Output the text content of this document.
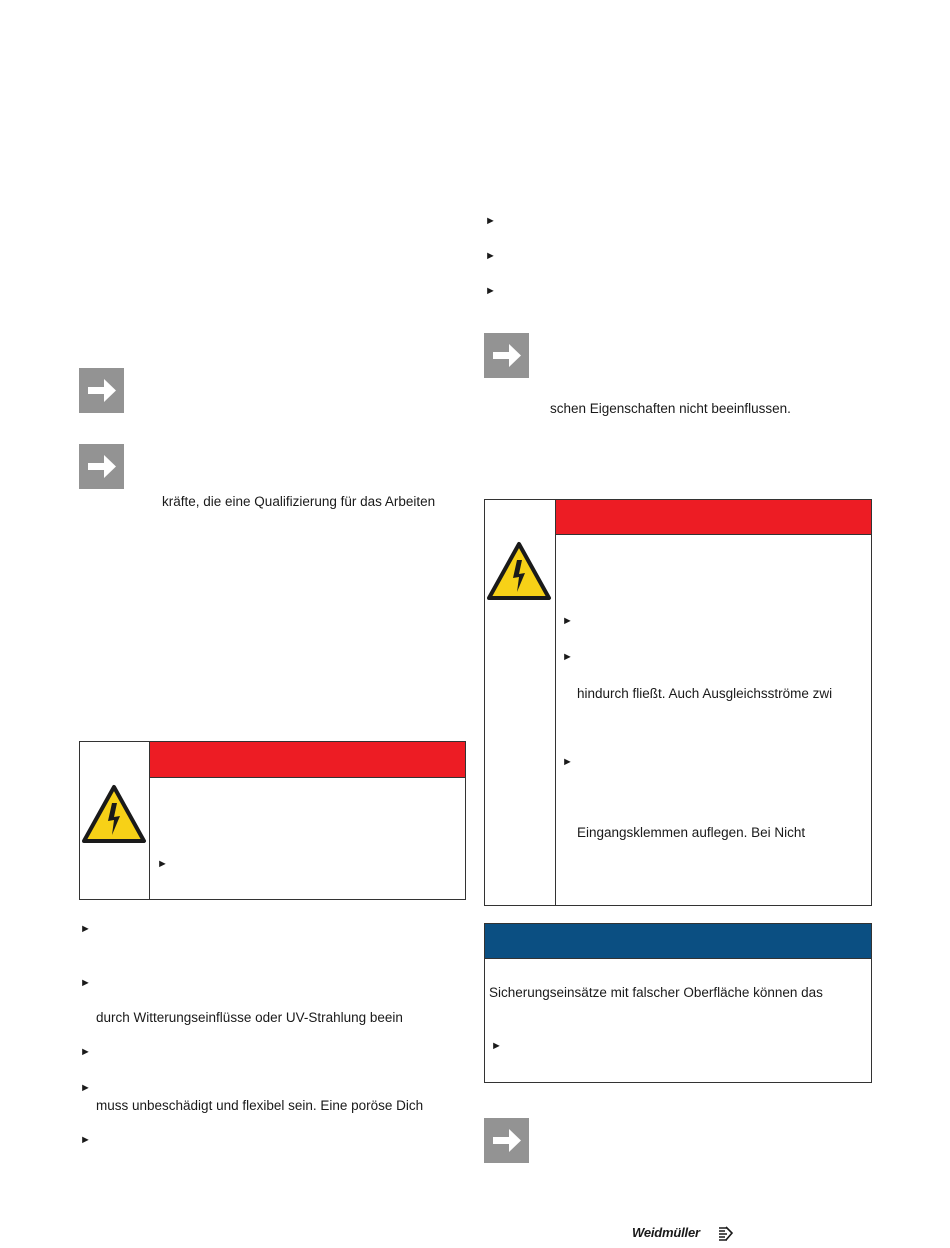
kräfte, die eine Qualifizierung für das Arbeiten
►
►
►
durch Witterungseinflüsse oder UV-Strahlung beein
►
►
muss unbeschädigt und flexibel sein. Eine poröse Dich
►
►
►
►
schen Eigenschaften nicht beeinflussen.
►
►
hindurch fließt. Auch Ausgleichsströme zwi
►
Eingangsklemmen auflegen. Bei Nicht
Sicherungseinsätze mit falscher Oberfläche können das
►
Weidmüller
